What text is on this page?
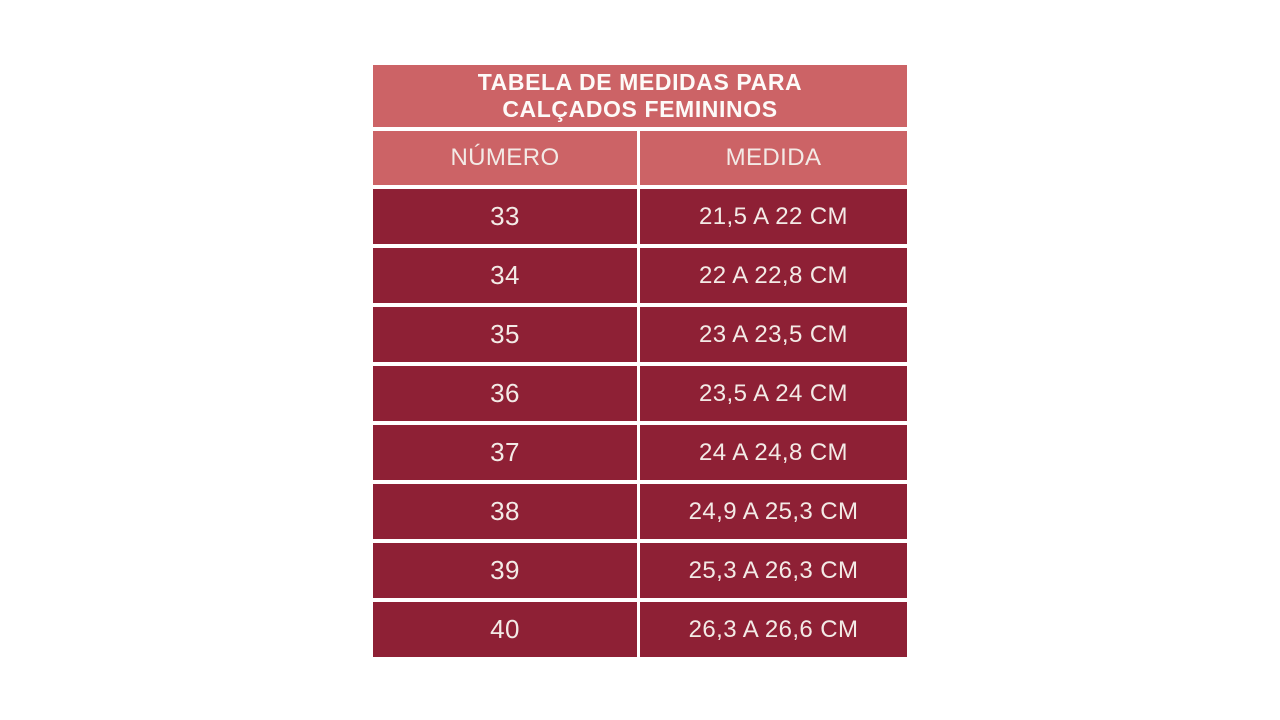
TABELA DE MEDIDAS PARA
CALÇADOS FEMININOS
NÚMERO	MEDIDA
33	21,5 A 22 CM
34	22 A 22,8 CM
35	23 A 23,5 CM
36	23,5 A 24 CM
37	24 A 24,8 CM
38	24,9 A 25,3 CM
39	25,3 A 26,3 CM
40	26,3 A 26,6 CM
